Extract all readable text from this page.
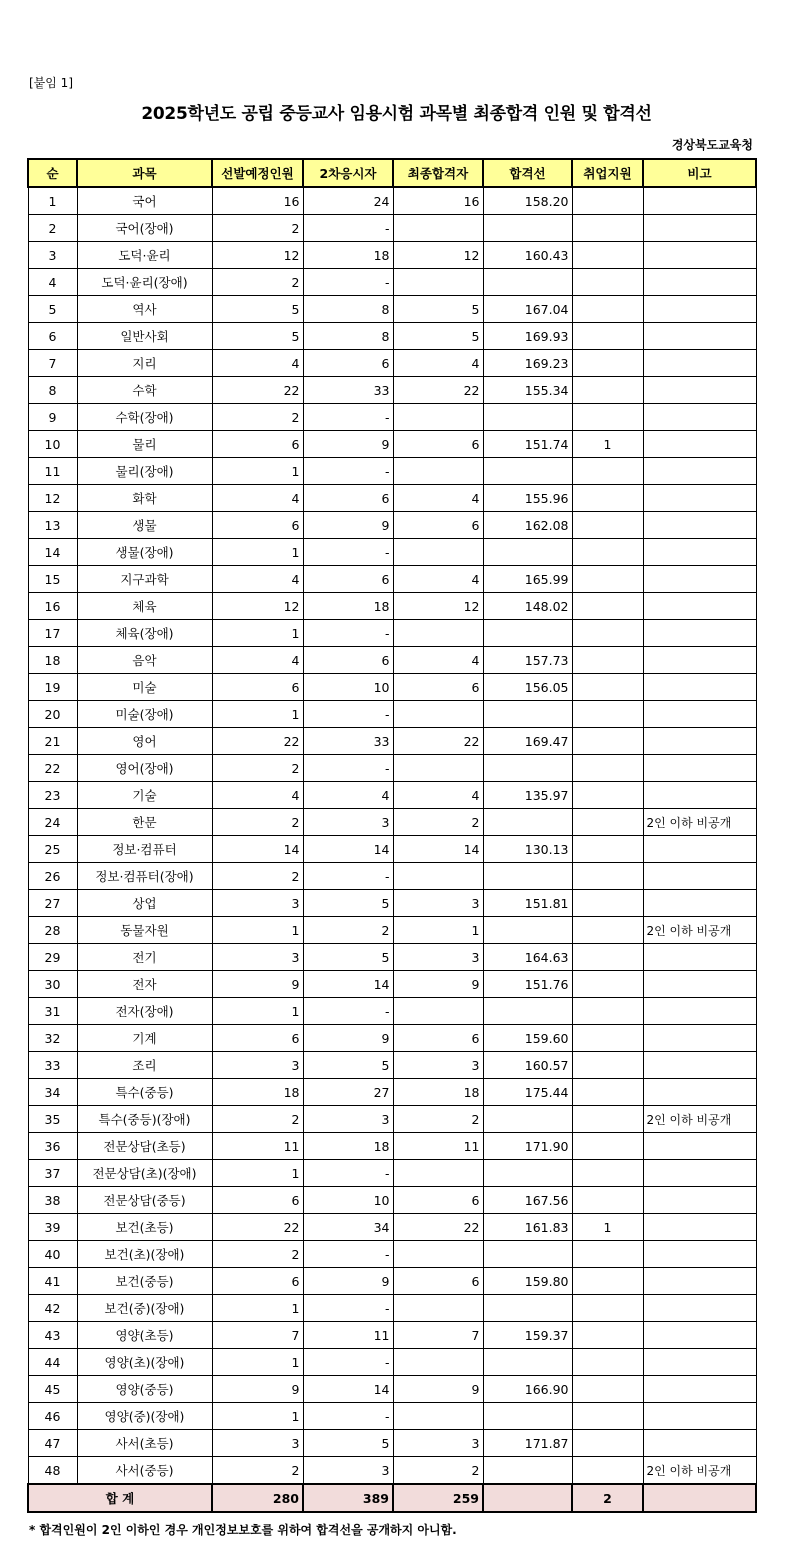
[붙임 1]
2025학년도 공립 중등교사 임용시험 과목별 최종합격 인원 및 합격선
경상북도교육청
순	과목	선발예정인원	2차응시자	최종합격자	합격선	취업지원	비고
1	국어	16	24	16	158.20		
2	국어(장애)	2	-				
3	도덕·윤리	12	18	12	160.43		
4	도덕·윤리(장애)	2	-				
5	역사	5	8	5	167.04		
6	일반사회	5	8	5	169.93		
7	지리	4	6	4	169.23		
8	수학	22	33	22	155.34		
9	수학(장애)	2	-				
10	물리	6	9	6	151.74	1	
11	물리(장애)	1	-				
12	화학	4	6	4	155.96		
13	생물	6	9	6	162.08		
14	생물(장애)	1	-				
15	지구과학	4	6	4	165.99		
16	체육	12	18	12	148.02		
17	체육(장애)	1	-				
18	음악	4	6	4	157.73		
19	미술	6	10	6	156.05		
20	미술(장애)	1	-				
21	영어	22	33	22	169.47		
22	영어(장애)	2	-				
23	기술	4	4	4	135.97		
24	한문	2	3	2			2인 이하 비공개
25	정보·컴퓨터	14	14	14	130.13		
26	정보·컴퓨터(장애)	2	-				
27	상업	3	5	3	151.81		
28	동물자원	1	2	1			2인 이하 비공개
29	전기	3	5	3	164.63		
30	전자	9	14	9	151.76		
31	전자(장애)	1	-				
32	기계	6	9	6	159.60		
33	조리	3	5	3	160.57		
34	특수(중등)	18	27	18	175.44		
35	특수(중등)(장애)	2	3	2			2인 이하 비공개
36	전문상담(초등)	11	18	11	171.90		
37	전문상담(초)(장애)	1	-				
38	전문상담(중등)	6	10	6	167.56		
39	보건(초등)	22	34	22	161.83	1	
40	보건(초)(장애)	2	-				
41	보건(중등)	6	9	6	159.80		
42	보건(중)(장애)	1	-				
43	영양(초등)	7	11	7	159.37		
44	영양(초)(장애)	1	-				
45	영양(중등)	9	14	9	166.90		
46	영양(중)(장애)	1	-				
47	사서(초등)	3	5	3	171.87		
48	사서(중등)	2	3	2			2인 이하 비공개
합 계		280	389	259		2	
* 합격인원이 2인 이하인 경우 개인정보보호를 위하여 합격선을 공개하지 아니함.
